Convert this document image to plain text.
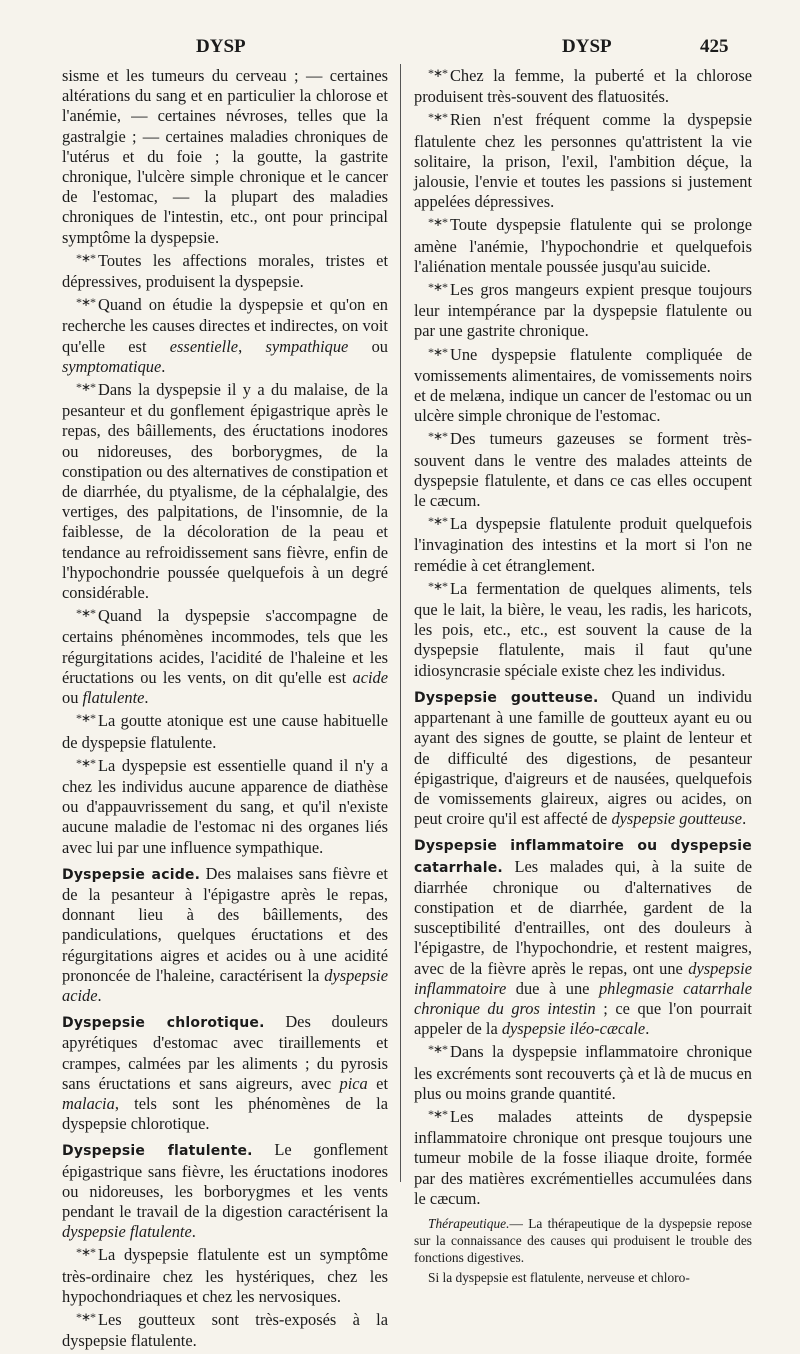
DYSP	DYSP	425

sisme et les tumeurs du cerveau ; — certaines altérations du sang et en particulier la chlorose et l'anémie, — certaines névroses, telles que la gastralgie ; — certaines maladies chroniques de l'utérus et du foie ; la goutte, la gastrite chronique, l'ulcère simple chronique et le cancer de l'estomac, — la plupart des maladies chroniques de l'intestin, etc., ont pour principal symptôme la dyspepsie.

*∗* Toutes les affections morales, tristes et dépressives, produisent la dyspepsie.

*∗* Quand on étudie la dyspepsie et qu'on en recherche les causes directes et indirectes, on voit qu'elle est essentielle, sympathique ou symptomatique.

*∗* Dans la dyspepsie il y a du malaise, de la pesanteur et du gonflement épigastrique après le repas, des bâillements, des éructations inodores ou nidoreuses, des borborygmes, de la constipation ou des alternatives de constipation et de diarrhée, du ptyalisme, de la céphalalgie, des vertiges, des palpitations, de l'insomnie, de la faiblesse, de la décoloration de la peau et tendance au refroidissement sans fièvre, enfin de l'hypochondrie poussée quelquefois à un degré considérable.

*∗* Quand la dyspepsie s'accompagne de certains phénomènes incommodes, tels que les régurgitations acides, l'acidité de l'haleine et les éructations ou les vents, on dit qu'elle est acide ou flatulente.

*∗* La goutte atonique est une cause habituelle de dyspepsie flatulente.

*∗* La dyspepsie est essentielle quand il n'y a chez les individus aucune apparence de diathèse ou d'appauvrissement du sang, et qu'il n'existe aucune maladie de l'estomac ni des organes liés avec lui par une influence sympathique.

Dyspepsie acide. Des malaises sans fièvre et de la pesanteur à l'épigastre après le repas, donnant lieu à des bâillements, des pandiculations, quelques éructations et des régurgitations aigres et acides ou à une acidité prononcée de l'haleine, caractérisent la dyspepsie acide.

Dyspepsie chlorotique. Des douleurs apyrétiques d'estomac avec tiraillements et crampes, calmées par les aliments ; du pyrosis sans éructations et sans aigreurs, avec pica et malacia, tels sont les phénomènes de la dyspepsie chlorotique.

Dyspepsie flatulente. Le gonflement épigastrique sans fièvre, les éructations inodores ou nidoreuses, les borborygmes et les vents pendant le travail de la digestion caractérisent la dyspepsie flatulente.

*∗* La dyspepsie flatulente est un symptôme très-ordinaire chez les hystériques, chez les hypochondriaques et chez les nervosiques.

*∗* Les goutteux sont très-exposés à la dyspepsie flatulente.

*∗* Chez la femme, la puberté et la chlorose produisent très-souvent des flatuosités.

*∗* Rien n'est fréquent comme la dyspepsie flatulente chez les personnes qu'attristent la vie solitaire, la prison, l'exil, l'ambition déçue, la jalousie, l'envie et toutes les passions si justement appelées dépressives.

*∗* Toute dyspepsie flatulente qui se prolonge amène l'anémie, l'hypochondrie et quelquefois l'aliénation mentale poussée jusqu'au suicide.

*∗* Les gros mangeurs expient presque toujours leur intempérance par la dyspepsie flatulente ou par une gastrite chronique.

*∗* Une dyspepsie flatulente compliquée de vomissements alimentaires, de vomissements noirs et de melæna, indique un cancer de l'estomac ou un ulcère simple chronique de l'estomac.

*∗* Des tumeurs gazeuses se forment très-souvent dans le ventre des malades atteints de dyspepsie flatulente, et dans ce cas elles occupent le cæcum.

*∗* La dyspepsie flatulente produit quelquefois l'invagination des intestins et la mort si l'on ne remédie à cet étranglement.

*∗* La fermentation de quelques aliments, tels que le lait, la bière, le veau, les radis, les haricots, les pois, etc., etc., est souvent la cause de la dyspepsie flatulente, mais il faut qu'une idiosyncrasie spéciale existe chez les individus.

Dyspepsie goutteuse. Quand un individu appartenant à une famille de goutteux ayant eu ou ayant des signes de goutte, se plaint de lenteur et de difficulté des digestions, de pesanteur épigastrique, d'aigreurs et de nausées, quelquefois de vomissements glaireux, aigres ou acides, on peut croire qu'il est affecté de dyspepsie goutteuse.

Dyspepsie inflammatoire ou dyspepsie catarrhale. Les malades qui, à la suite de diarrhée chronique ou d'alternatives de constipation et de diarrhée, gardent de la susceptibilité d'entrailles, ont des douleurs à l'épigastre, de l'hypochondrie, et restent maigres, avec de la fièvre après le repas, ont une dyspepsie inflammatoire due à une phlegmasie catarrhale chronique du gros intestin ; ce que l'on pourrait appeler de la dyspepsie iléo-cæcale.

*∗* Dans la dyspepsie inflammatoire chronique les excréments sont recouverts çà et là de mucus en plus ou moins grande quantité.

*∗* Les malades atteints de dyspepsie inflammatoire chronique ont presque toujours une tumeur mobile de la fosse iliaque droite, formée par des matières excrémentielles accumulées dans le cæcum.

Thérapeutique.— La thérapeutique de la dyspepsie repose sur la connaissance des causes qui produisent le trouble des fonctions digestives.

Si la dyspepsie est flatulente, nerveuse et chloro-
